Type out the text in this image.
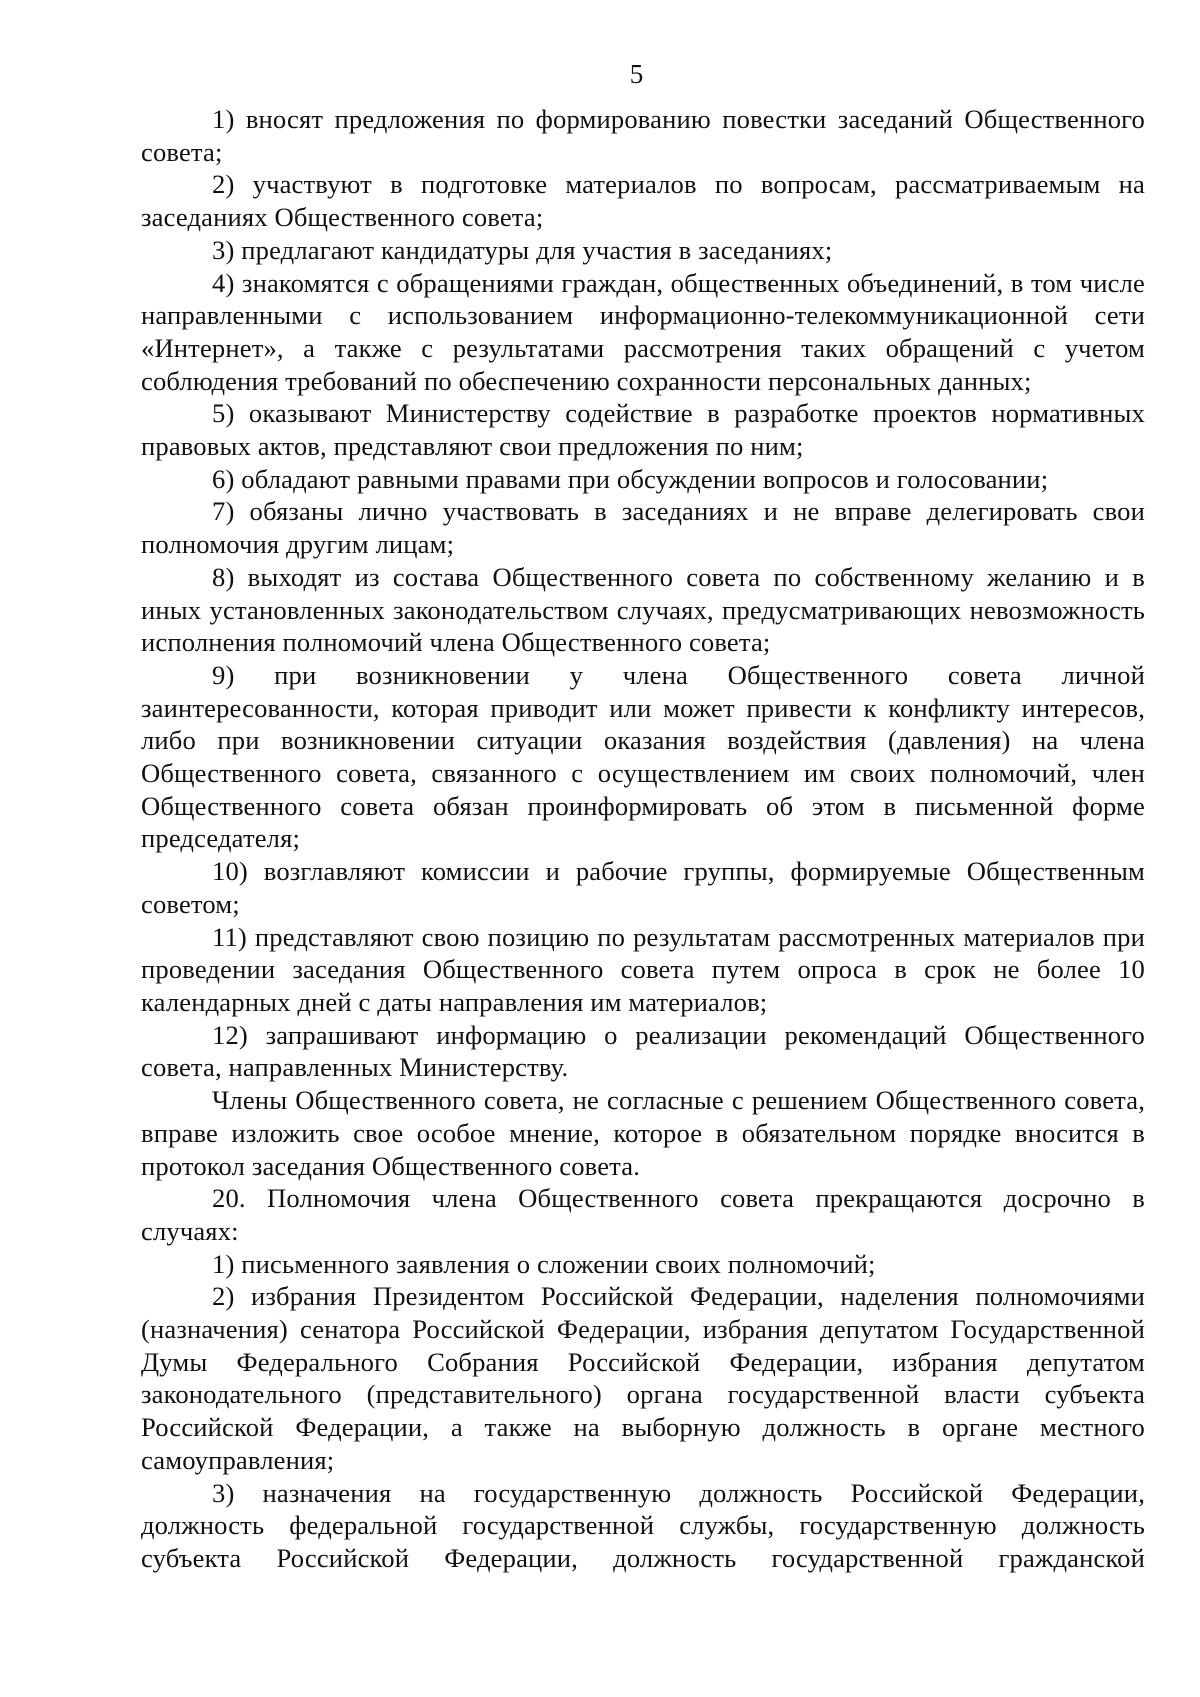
5

1) вносят предложения по формированию повестки заседаний Общественного совета;

2) участвуют в подготовке материалов по вопросам, рассматриваемым на заседаниях Общественного совета;

3) предлагают кандидатуры для участия в заседаниях;

4) знакомятся с обращениями граждан, общественных объединений, в том числе направленными с использованием информационно-телекоммуникационной сети «Интернет», а также с результатами рассмотрения таких обращений с учетом соблюдения требований по обеспечению сохранности персональных данных;

5) оказывают Министерству содействие в разработке проектов нормативных правовых актов, представляют свои предложения по ним;

6) обладают равными правами при обсуждении вопросов и голосовании;

7) обязаны лично участвовать в заседаниях и не вправе делегировать свои полномочия другим лицам;

8) выходят из состава Общественного совета по собственному желанию и в иных установленных законодательством случаях, предусматривающих невозможность исполнения полномочий члена Общественного совета;

9) при возникновении у члена Общественного совета личной заинтересованности, которая приводит или может привести к конфликту интересов, либо при возникновении ситуации оказания воздействия (давления) на члена Общественного совета, связанного с осуществлением им своих полномочий, член Общественного совета обязан проинформировать об этом в письменной форме председателя;

10) возглавляют комиссии и рабочие группы, формируемые Общественным советом;

11) представляют свою позицию по результатам рассмотренных материалов при проведении заседания Общественного совета путем опроса в срок не более 10 календарных дней с даты направления им материалов;

12) запрашивают информацию о реализации рекомендаций Общественного совета, направленных Министерству.

Члены Общественного совета, не согласные с решением Общественного совета, вправе изложить свое особое мнение, которое в обязательном порядке вносится в протокол заседания Общественного совета.

20. Полномочия члена Общественного совета прекращаются досрочно в случаях:

1) письменного заявления о сложении своих полномочий;

2) избрания Президентом Российской Федерации, наделения полномочиями (назначения) сенатора Российской Федерации, избрания депутатом Государственной Думы Федерального Собрания Российской Федерации, избрания депутатом законодательного (представительного) органа государственной власти субъекта Российской Федерации, а также на выборную должность в органе местного самоуправления;

3) назначения на государственную должность Российской Федерации, должность федеральной государственной службы, государственную должность субъекта Российской Федерации, должность государственной гражданской
